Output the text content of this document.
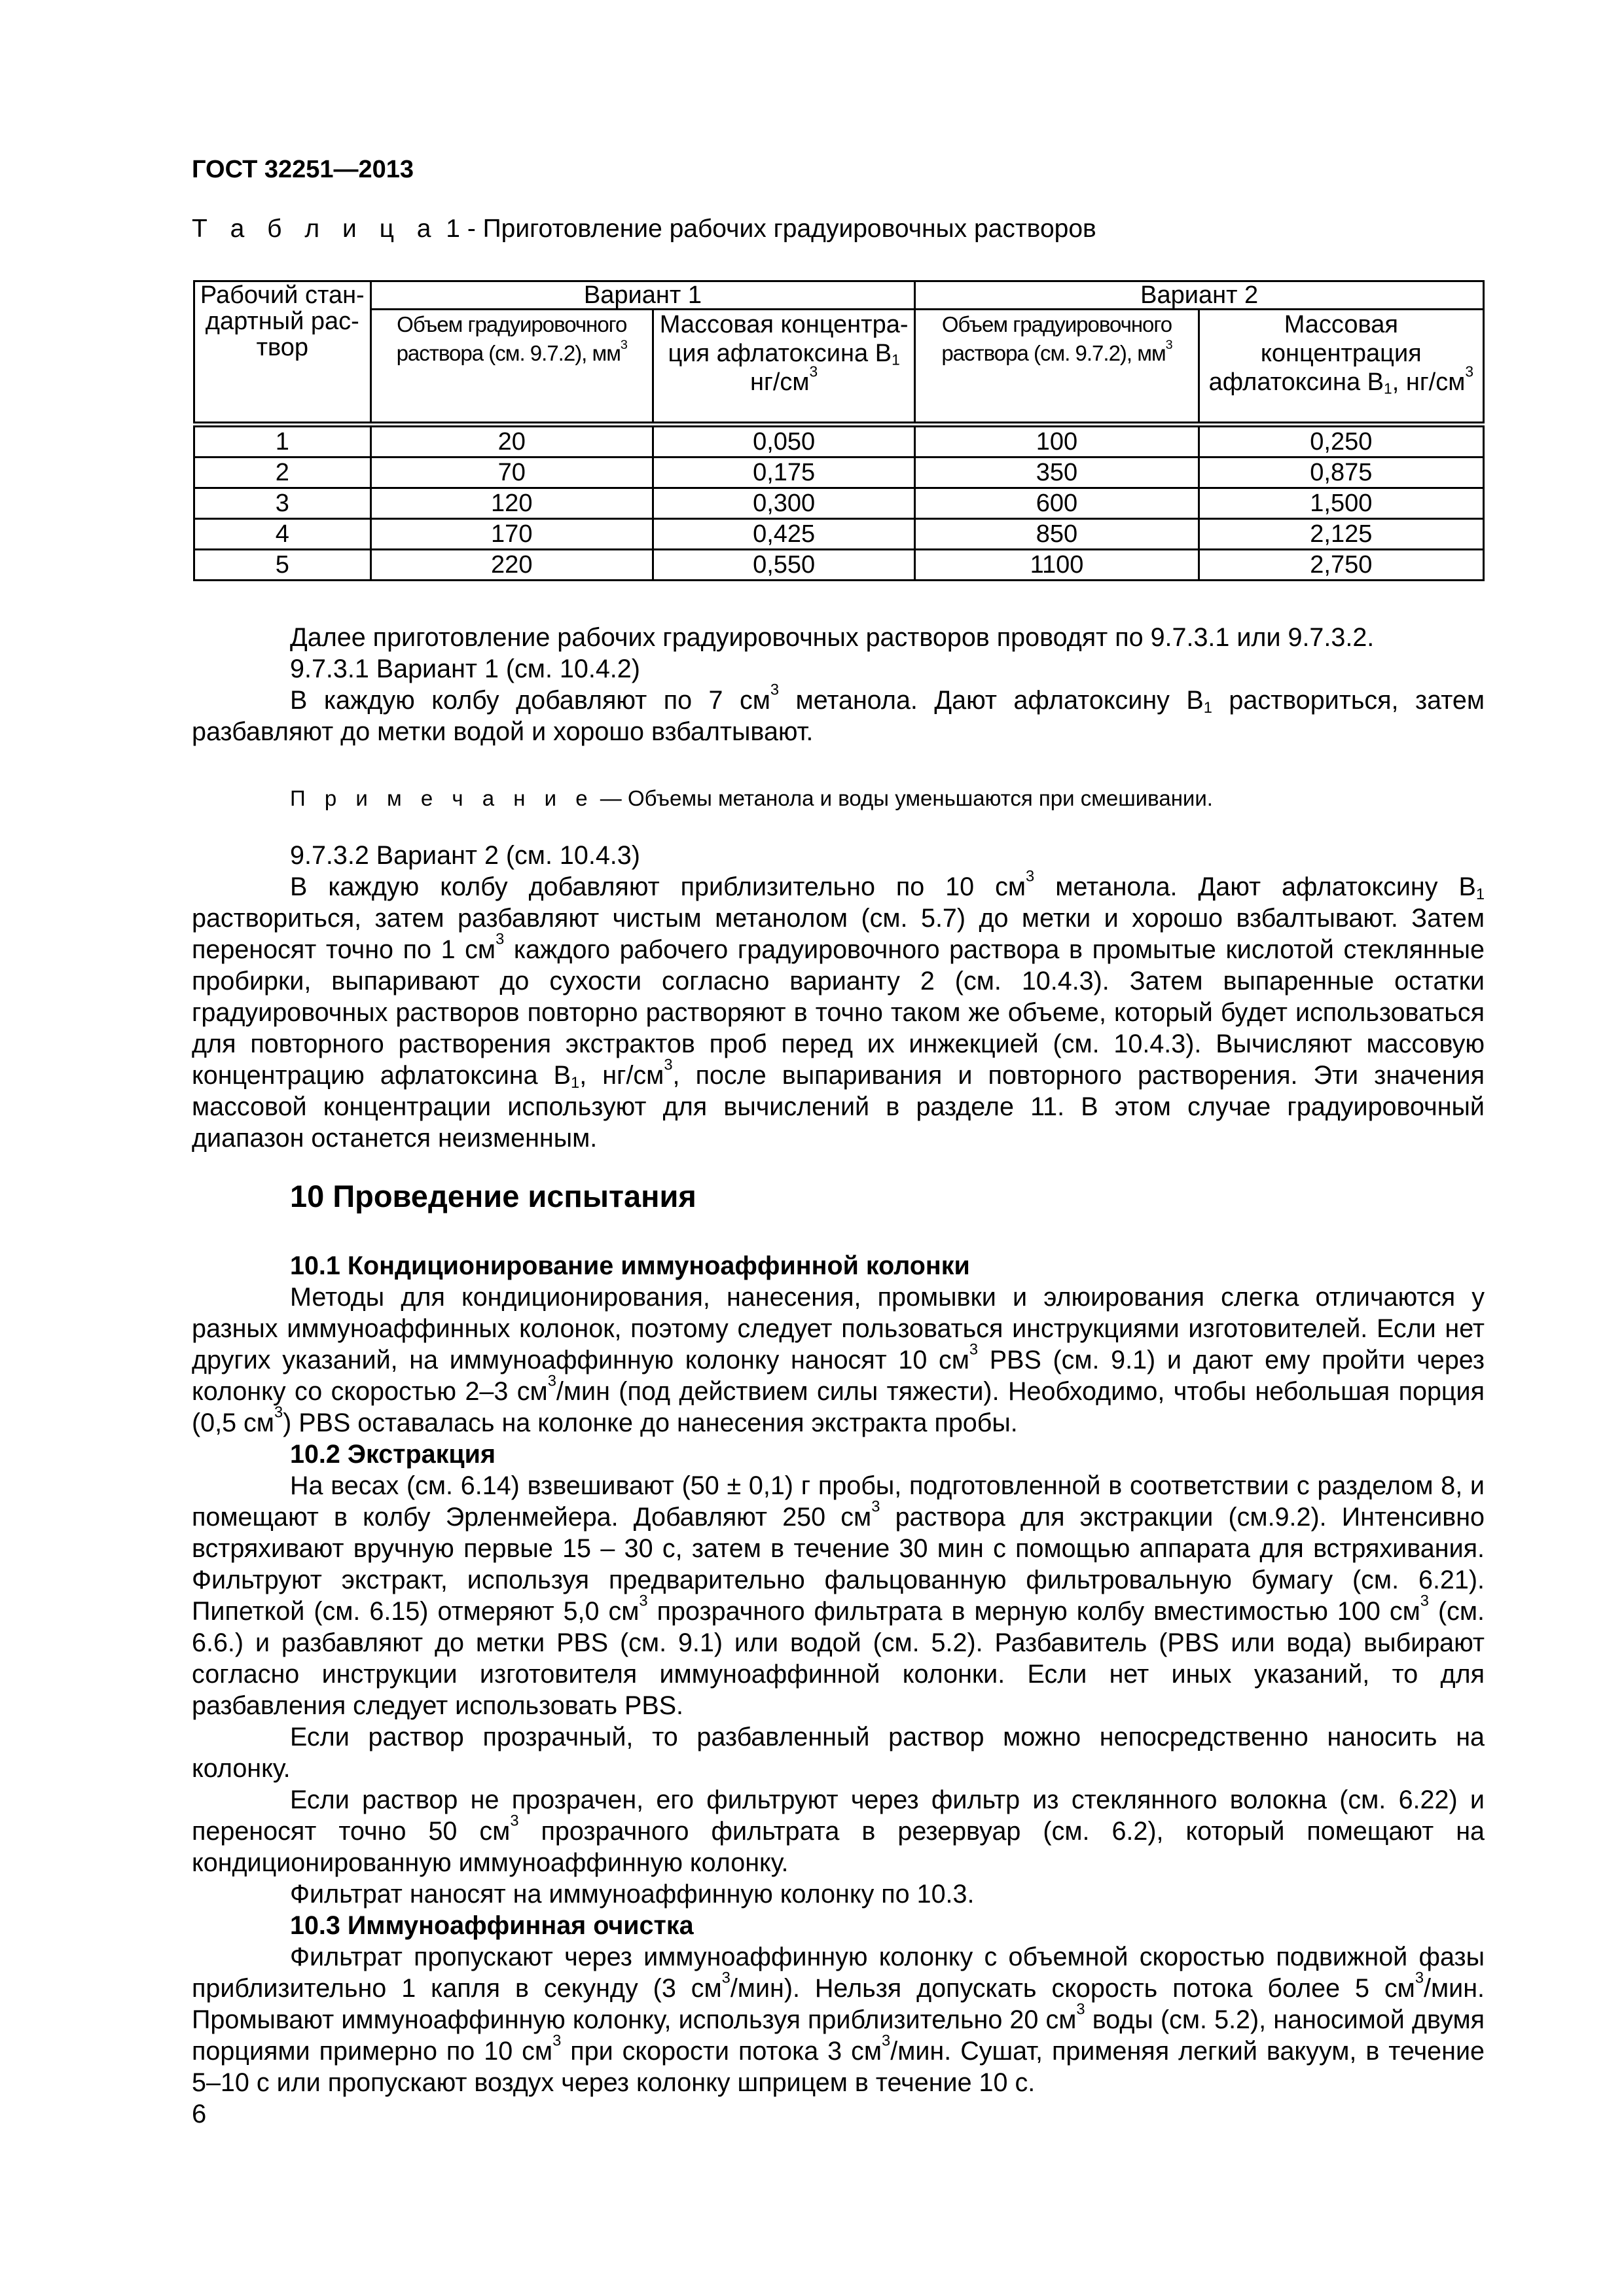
ГОСТ 32251—2013
Т а б л и ц а 1 - Приготовление рабочих градуировочных растворов
Рабочий стан-дартный рас-твор	Вариант 1		Вариант 2	
	Объем градуировочного раствора (см. 9.7.2), $мм^3$	Массовая концентра-ция афлатоксина $B_1$ $нг/см^3$	Объем градуировочного раствора (см. 9.7.2), $мм^3$	Массовая концентрация афлатоксина $B_1$, $нг/см^3$
1	20	0,050	100	0,250
2	70	0,175	350	0,875
3	120	0,300	600	1,500
4	170	0,425	850	2,125
5	220	0,550	1100	2,750

Далее приготовление рабочих градуировочных растворов проводят по 9.7.3.1 или 9.7.3.2.

9.7.3.1 Вариант 1 (см. 10.4.2)

В каждую колбу добавляют по 7 $см^3$ метанола. Дают афлатоксину $B_1$ раствориться, затем разбавляют до метки водой и хорошо взбалтывают.

П р и м е ч а н и е — Объемы метанола и воды уменьшаются при смешивании.

9.7.3.2 Вариант 2 (см. 10.4.3)

В каждую колбу добавляют приблизительно по 10 $см^3$ метанола. Дают афлатоксину $B_1$ раствориться, затем разбавляют чистым метанолом (см. 5.7) до метки и хорошо взбалтывают. Затем переносят точно по 1 $см^3$ каждого рабочего градуировочного раствора в промытые кислотой стеклянные пробирки, выпаривают до сухости согласно варианту 2 (см. 10.4.3). Затем выпаренные остатки градуировочных растворов повторно растворяют в точно таком же объеме, который будет использоваться для повторного растворения экстрактов проб перед их инжекцией (см. 10.4.3). Вычисляют массовую концентрацию афлатоксина $B_1$, $нг/см^3$, после выпаривания и повторного растворения. Эти значения массовой концентрации используют для вычислений в разделе 11. В этом случае градуировочный диапазон останется неизменным.

10 Проведение испытания

10.1 Кондиционирование иммуноаффинной колонки

Методы для кондиционирования, нанесения, промывки и элюирования слегка отличаются у разных иммуноаффинных колонок, поэтому следует пользоваться инструкциями изготовителей. Если нет других указаний, на иммуноаффинную колонку наносят 10 $см^3$ PBS (см. 9.1) и дают ему пройти через колонку со скоростью 2–3 $см^3$/мин (под действием силы тяжести). Необходимо, чтобы небольшая порция (0,5 $см^3$) PBS оставалась на колонке до нанесения экстракта пробы.

10.2 Экстракция

На весах (см. 6.14) взвешивают (50 ± 0,1) г пробы, подготовленной в соответствии с разделом 8, и помещают в колбу Эрленмейера. Добавляют 250 $см^3$ раствора для экстракции (см.9.2). Интенсивно встряхивают вручную первые 15 – 30 с, затем в течение 30 мин с помощью аппарата для встряхивания. Фильтруют экстракт, используя предварительно фальцованную фильтровальную бумагу (см. 6.21). Пипеткой (см. 6.15) отмеряют 5,0 $см^3$ прозрачного фильтрата в мерную колбу вместимостью 100 $см^3$ (см. 6.6.) и разбавляют до метки PBS (см. 9.1) или водой (см. 5.2). Разбавитель (PBS или вода) выбирают согласно инструкции изготовителя иммуноаффинной колонки. Если нет иных указаний, то для разбавления следует использовать PBS.

Если раствор прозрачный, то разбавленный раствор можно непосредственно наносить на колонку.

Если раствор не прозрачен, его фильтруют через фильтр из стеклянного волокна (см. 6.22) и переносят точно 50 $см^3$ прозрачного фильтрата в резервуар (см. 6.2), который помещают на кондиционированную иммуноаффинную колонку.

Фильтрат наносят на иммуноаффинную колонку по 10.3.

10.3 Иммуноаффинная очистка

Фильтрат пропускают через иммуноаффинную колонку с объемной скоростью подвижной фазы приблизительно 1 капля в секунду (3 $см^3/мин$). Нельзя допускать скорость потока более 5 $см^3$/мин. Промывают иммуноаффинную колонку, используя приблизительно 20 $см^3$ воды (см. 5.2), наносимой двумя порциями примерно по 10 $см^3$ при скорости потока 3 $см^3$/мин. Сушат, применяя легкий вакуум, в течение 5–10 с или пропускают воздух через колонку шприцем в течение 10 с.

6
